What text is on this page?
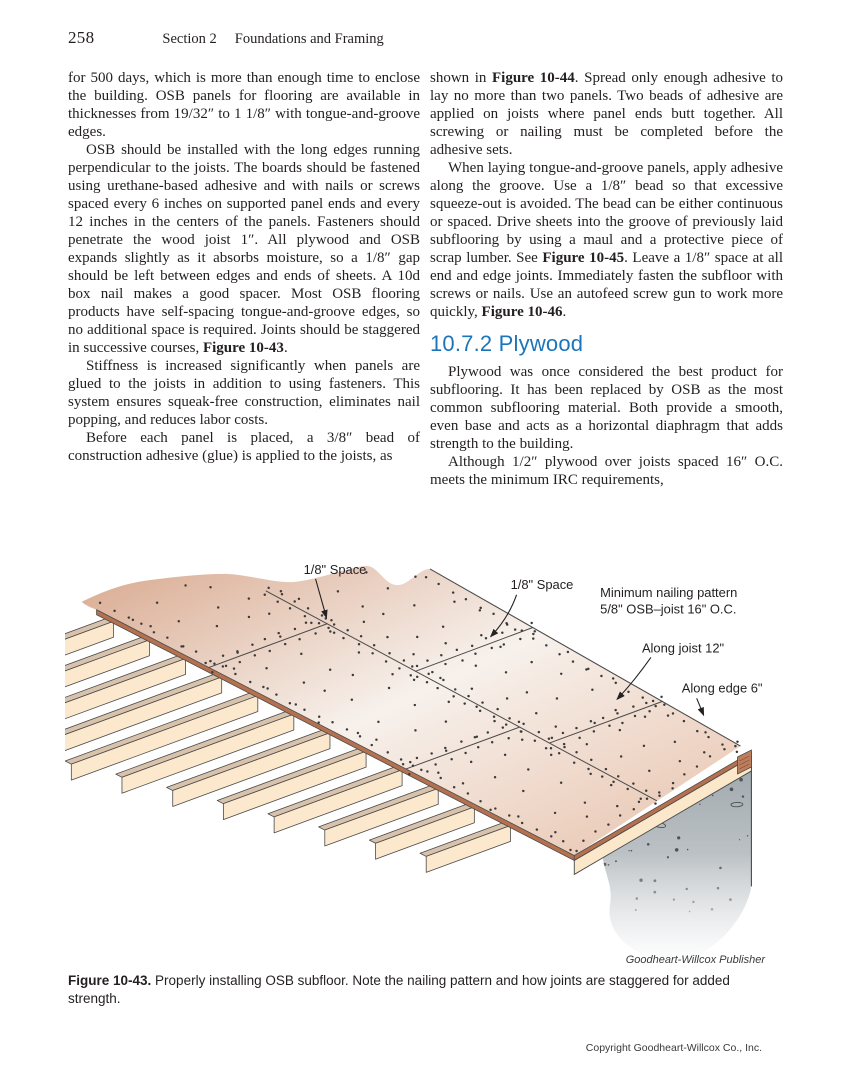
258	Section 2 Foundations and Framing

for 500 days, which is more than enough time to enclose the building. OSB panels for flooring are available in thicknesses from 19/32″ to 1 1/8″ with tongue-and-groove edges.

OSB should be installed with the long edges running perpendicular to the joists. The boards should be fastened using urethane-based adhesive and with nails or screws spaced every 6 inches on supported panel ends and every 12 inches in the centers of the panels. Fasteners should penetrate the wood joist 1″. All plywood and OSB expands slightly as it absorbs moisture, so a 1/8″ gap should be left between edges and ends of sheets. A 10d box nail makes a good spacer. Most OSB flooring products have self-spacing tongue-and-groove edges, so no additional space is required. Joints should be staggered in successive courses, Figure 10-43.

Stiffness is increased significantly when panels are glued to the joists in addition to using fasteners. This system ensures squeak-free construction, eliminates nail popping, and reduces labor costs.

Before each panel is placed, a 3/8″ bead of construction adhesive (glue) is applied to the joists, as

shown in Figure 10-44. Spread only enough adhesive to lay no more than two panels. Two beads of adhesive are applied on joists where panel ends butt together. All screwing or nailing must be completed before the adhesive sets.

When laying tongue-and-groove panels, apply adhesive along the groove. Use a 1/8″ bead so that excessive squeeze-out is avoided. The bead can be either continuous or spaced. Drive sheets into the groove of previously laid subflooring by using a maul and a protective piece of scrap lumber. See Figure 10-45. Leave a 1/8″ space at all end and edge joints. Immediately fasten the subfloor with screws or nails. Use an autofeed screw gun to work more quickly, Figure 10-46.

10.7.2 Plywood

Plywood was once considered the best product for subflooring. It has been replaced by OSB as the most common subflooring material. Both provide a smooth, even base and acts as a horizontal diaphragm that adds strength to the building.

Although 1/2″ plywood over joists spaced 16″ O.C. meets the minimum IRC requirements,

1/8" Space
1/8" Space
Minimum nailing pattern
5/8" OSB–joist 16" O.C.
Along joist 12"
Along edge 6"
Goodheart-Willcox Publisher
Figure 10-43. Properly installing OSB subfloor. Note the nailing pattern and how joints are staggered for added strength.
Copyright Goodheart-Willcox Co., Inc.
